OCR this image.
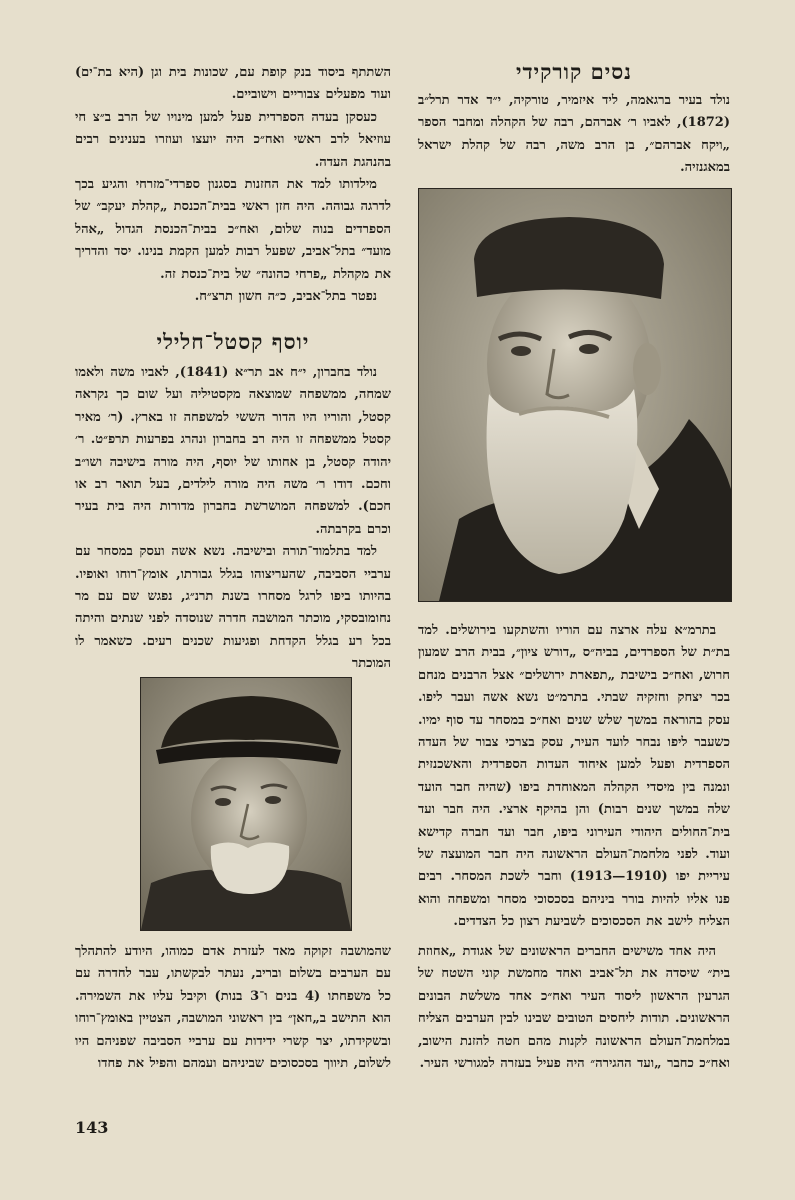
נסים קורקידי

נולד בעיר ברגאמה, ליד איזמיר, טורקיה, י״ד אדר תרל״ב (1872), לאביו ר׳ אברהם, רבה של הקהלה ומחבר הספר „ויקח אברהם״, בן הרב משה, רבה של קהלת ישראל במאגנזיה.

בתרמ״א עלה ארצה עם הוריו והשתקעו בירושלים. למד בת״ת של הספרדים, בביה״ס „דורש ציון״, בבית הרב שמעון חרוש, ואח״כ בישיבת „תפארת ירושלים״ אצל הרבנים מנחם בכר יצחק וחזקיה שבתי. בתרמ״ט נשא אשה ועבר ליפו. עסק בהוראה במשך שלש שנים ואח״כ במסחר עד סוף ימיו. כשעבר ליפו נבחר לועד העיר, עסק בצרכי צבור של העדה הספרדית ופעל למען איחוד העדות הספרדית והאשכנזית ונמנה בין מיסדי הקהלה המאוחדת ביפו (שהיה חבר הועד שלה במשך שנים רבות) והן בהיקף ארצי. היה חבר ועד בית־החולים היהודי העירוני ביפו, חבר ועד חברה קדישא ועוד. לפני מלחמת־העולם הראשונה היה חבר המועצה של עיריית יפו (1910—1913) וחבר לשכת המסחר. רבים פנו אליו להיות בורר ביניהם בסכסוכי מסחר ומשפחה והוא הצליח לישב את הסכסוכים לשביעת רצון כל הצדדים.

היה אחד משישים החברים הראשונים של אגודת „אחוזת בית״ שיסדה את תל־אביב ואחד מחמשת קוני השטח של הגרעין הראשון ליסוד העיר ואח״כ אחד משלשת הבונים הראשונים. תודות ליחסים הטובים שבינו לבין הערבים הצליח במלחמת־העולם הראשונה לקנות מהם חטה להזנת הישוב, ואח״כ כחבר „ועד ההגירה״ היה פעיל בעזרה למגורשי העיר.

השתתף ביסוד בנק קופת עם, שכונות בית וגן (היא בת־ים) ועוד מפעלים צבוריים וישוביים.

כעסקן בעדה הספרדית פעל למען מינויו של הרב ב״צ חי עוזיאל לרב ראשי ואח״כ היה יועצו ועוזרו בענינים רבים בהנהגת העדה.

מילדותו למד את החזנות בסגנון ספרדי־מזרחי והגיע בכך לדרגה גבוהה. היה חזן ראשי בבית־הכנסת „קהלת יעקב״ של הספרדים בנוה שלום, ואח״כ בבית־הכנסת הגדול „אהל מועד״ בתל־אביב, שפעל רבות למען הקמת בנינו. יסד והדריך את מקהלת „פרחי כהונה״ של בית־כנסת זה.

נפטר בתל־אביב, כ״ה חשון תרצ״ח.

יוסף קסטל־חלילי

נולד בחברון, י״ח אב תר״א (1841), לאביו משה ולאמו שמחה, ממשפחה שמוצאה מקסטיליה ועל שום כך נקראה קסטל, והוריו היו הדור הששי למשפחה זו בארץ. (ר׳ מאיר קסטל ממשפחה זו היה רב בחברון ונהרג בפרעות תרפ״ט. ר׳ יהודה קסטל, בן אחותו של יוסף, היה מורה בישיבה ושו״ב וחכם. דודו ר׳ משה היה מורה לילדים, בעל תואר רב או חכם). למשפחה המושרשת בחברון מדורות היה בית בעיר וכרם בקרבתה.

למד בתלמוד־תורה ובישיבה. נשא אשה ועסק במסחר עם ערביי הסביבה, שהעריצוהו בגלל גבורתו, אומץ־רוחו ואופיו. בהיותו ביפו לרגל מסחרו בשנת תרנ״ג, נפגש שם עם מר נחומובסקי, מוכתר המושבה חדרה שנוסדה לפני שנתים והיתה בכל רע בגלל הקדחת ופגיעות שכנים רעים. כשאמר לו המוכתר

שהמושבה זקוקה מאד לעזרת אדם כמוהו, היודע להתהלך עם הערבים בשלום ובריב, נעתר לבקשתו, עבר לחדרה עם כל משפחתו (4 בנים ו־3 בנות) וקיבל עליו את השמירה. הוא התישב ב„חאן״ בין ראשוני המושבה, הצטיין באומץ־רוחו ובשקידתו, יצר קשרי ידידות עם ערביי הסביבה שפניהם היו לשלום, תיווך בסכסוכים שביניהם ועמהם והפיל את פחדו

143
